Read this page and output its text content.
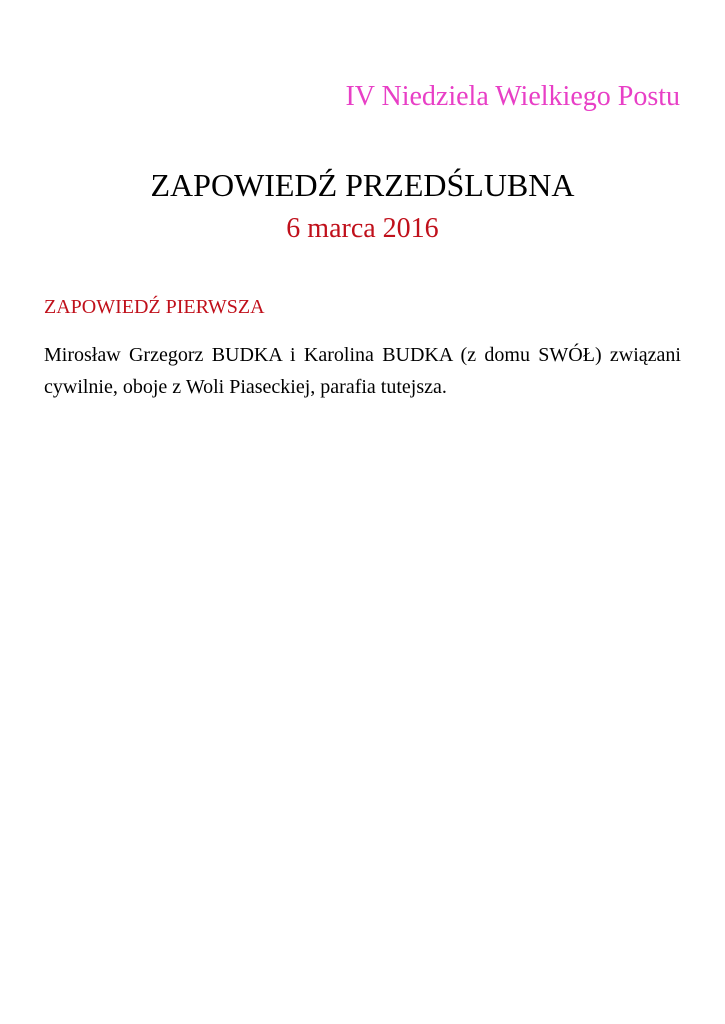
IV Niedziela Wielkiego Postu
ZAPOWIEDŹ PRZEDŚLUBNA
6 marca 2016
ZAPOWIEDŹ PIERWSZA
Mirosław Grzegorz BUDKA i Karolina BUDKA (z domu SWÓŁ) związani cywilnie, oboje z Woli Piaseckiej, parafia tutejsza.
